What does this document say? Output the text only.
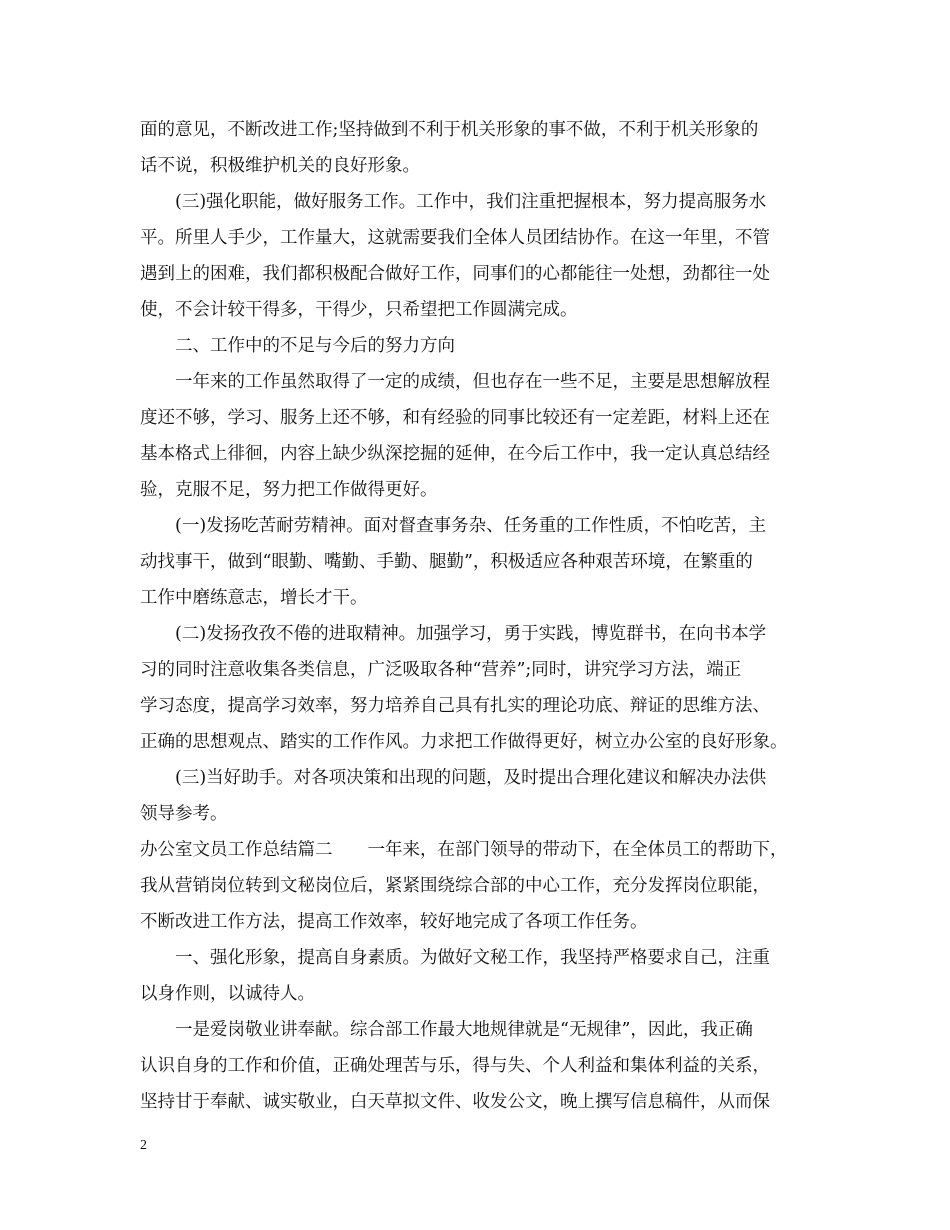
面的意见，不断改进工作;坚持做到不利于机关形象的事不做，不利于机关形象的
话不说，积极维护机关的良好形象。
(三)强化职能，做好服务工作。工作中，我们注重把握根本，努力提高服务水
平。所里人手少，工作量大，这就需要我们全体人员团结协作。在这一年里，不管
遇到上的困难，我们都积极配合做好工作，同事们的心都能往一处想，劲都往一处
使，不会计较干得多，干得少，只希望把工作圆满完成。
二、工作中的不足与今后的努力方向
一年来的工作虽然取得了一定的成绩，但也存在一些不足，主要是思想解放程
度还不够，学习、服务上还不够，和有经验的同事比较还有一定差距，材料上还在
基本格式上徘徊，内容上缺少纵深挖掘的延伸，在今后工作中，我一定认真总结经
验，克服不足，努力把工作做得更好。
(一)发扬吃苦耐劳精神。面对督查事务杂、任务重的工作性质，不怕吃苦，主
动找事干，做到“眼勤、嘴勤、手勤、腿勤”，积极适应各种艰苦环境，在繁重的
工作中磨练意志，增长才干。
(二)发扬孜孜不倦的进取精神。加强学习，勇于实践，博览群书，在向书本学
习的同时注意收集各类信息，广泛吸取各种“营养”;同时，讲究学习方法，端正
学习态度，提高学习效率，努力培养自己具有扎实的理论功底、辩证的思维方法、
正确的思想观点、踏实的工作作风。力求把工作做得更好，树立办公室的良好形象。
(三)当好助手。对各项决策和出现的问题，及时提出合理化建议和解决办法供
领导参考。
办公室文员工作总结篇二　　一年来，在部门领导的带动下，在全体员工的帮助下，
我从营销岗位转到文秘岗位后，紧紧围绕综合部的中心工作，充分发挥岗位职能，
不断改进工作方法，提高工作效率，较好地完成了各项工作任务。
一、强化形象，提高自身素质。为做好文秘工作，我坚持严格要求自己，注重
以身作则，以诚待人。
一是爱岗敬业讲奉献。综合部工作最大地规律就是“无规律”，因此，我正确
认识自身的工作和价值，正确处理苦与乐，得与失、个人利益和集体利益的关系，
坚持甘于奉献、诚实敬业，白天草拟文件、收发公文，晚上撰写信息稿件，从而保
2
